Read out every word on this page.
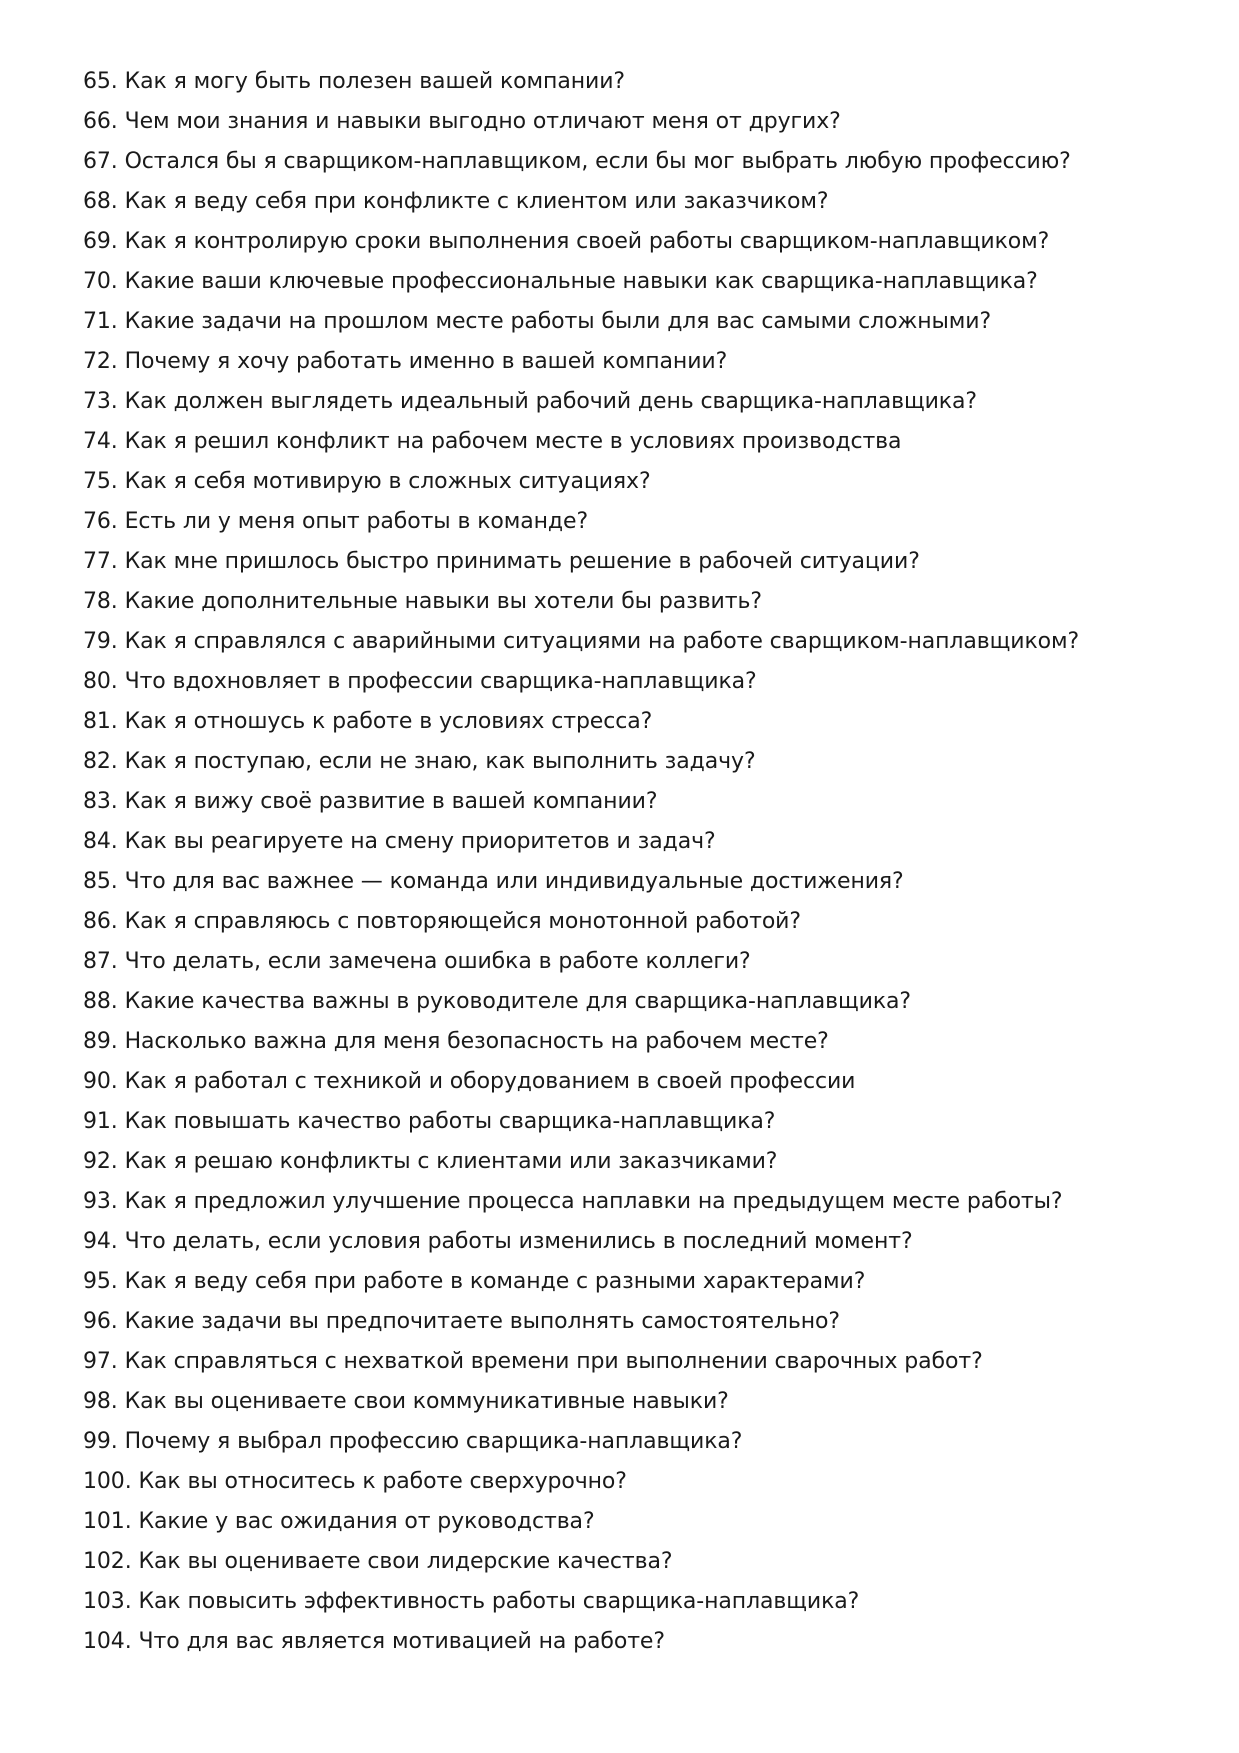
65. Как я могу быть полезен вашей компании?
66. Чем мои знания и навыки выгодно отличают меня от других?
67. Остался бы я сварщиком-наплавщиком, если бы мог выбрать любую профессию?
68. Как я веду себя при конфликте с клиентом или заказчиком?
69. Как я контролирую сроки выполнения своей работы сварщиком-наплавщиком?
70. Какие ваши ключевые профессиональные навыки как сварщика-наплавщика?
71. Какие задачи на прошлом месте работы были для вас самыми сложными?
72. Почему я хочу работать именно в вашей компании?
73. Как должен выглядеть идеальный рабочий день сварщика-наплавщика?
74. Как я решил конфликт на рабочем месте в условиях производства
75. Как я себя мотивирую в сложных ситуациях?
76. Есть ли у меня опыт работы в команде?
77. Как мне пришлось быстро принимать решение в рабочей ситуации?
78. Какие дополнительные навыки вы хотели бы развить?
79. Как я справлялся с аварийными ситуациями на работе сварщиком-наплавщиком?
80. Что вдохновляет в профессии сварщика-наплавщика?
81. Как я отношусь к работе в условиях стресса?
82. Как я поступаю, если не знаю, как выполнить задачу?
83. Как я вижу своё развитие в вашей компании?
84. Как вы реагируете на смену приоритетов и задач?
85. Что для вас важнее — команда или индивидуальные достижения?
86. Как я справляюсь с повторяющейся монотонной работой?
87. Что делать, если замечена ошибка в работе коллеги?
88. Какие качества важны в руководителе для сварщика-наплавщика?
89. Насколько важна для меня безопасность на рабочем месте?
90. Как я работал с техникой и оборудованием в своей профессии
91. Как повышать качество работы сварщика-наплавщика?
92. Как я решаю конфликты с клиентами или заказчиками?
93. Как я предложил улучшение процесса наплавки на предыдущем месте работы?
94. Что делать, если условия работы изменились в последний момент?
95. Как я веду себя при работе в команде с разными характерами?
96. Какие задачи вы предпочитаете выполнять самостоятельно?
97. Как справляться с нехваткой времени при выполнении сварочных работ?
98. Как вы оцениваете свои коммуникативные навыки?
99. Почему я выбрал профессию сварщика-наплавщика?
100. Как вы относитесь к работе сверхурочно?
101. Какие у вас ожидания от руководства?
102. Как вы оцениваете свои лидерские качества?
103. Как повысить эффективность работы сварщика-наплавщика?
104. Что для вас является мотивацией на работе?
